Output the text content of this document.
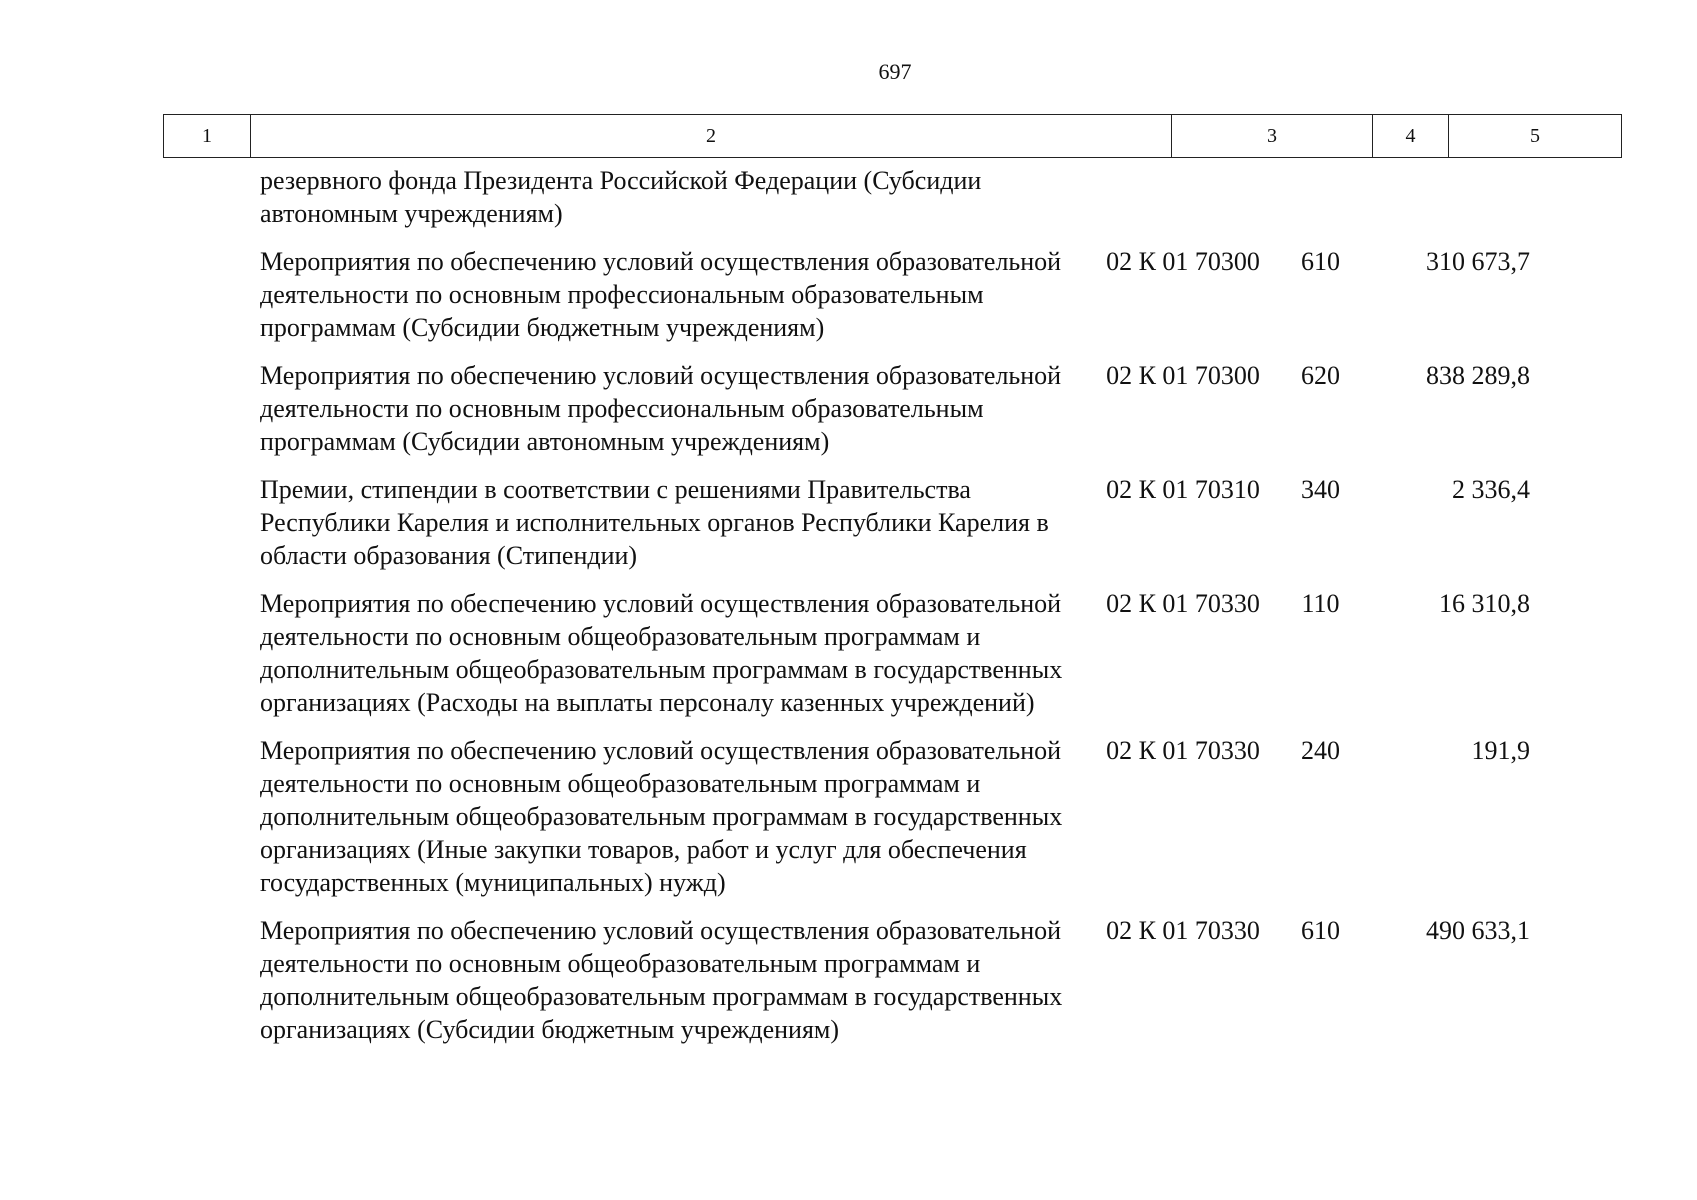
697
1	2	3	4	5
резервного фонда Президента Российской Федерации (Субсидии автономным учреждениям)
Мероприятия по обеспечению условий осуществления образовательной деятельности по основным профессиональным образовательным программам (Субсидии бюджетным учреждениям)
02 К 01 70300	610	310 673,7
Мероприятия по обеспечению условий осуществления образовательной деятельности по основным профессиональным образовательным программам (Субсидии автономным учреждениям)
02 К 01 70300	620	838 289,8
Премии, стипендии в соответствии с решениями Правительства Республики Карелия и исполнительных органов Республики Карелия в области образования (Стипендии)
02 К 01 70310	340	2 336,4
Мероприятия по обеспечению условий осуществления образовательной деятельности по основным общеобразовательным программам и дополнительным общеобразовательным программам в государственных организациях (Расходы на выплаты персоналу казенных учреждений)
02 К 01 70330	110	16 310,8
Мероприятия по обеспечению условий осуществления образовательной деятельности по основным общеобразовательным программам и дополнительным общеобразовательным программам в государственных организациях (Иные закупки товаров, работ и услуг для обеспечения государственных (муниципальных) нужд)
02 К 01 70330	240	191,9
Мероприятия по обеспечению условий осуществления образовательной деятельности по основным общеобразовательным программам и дополнительным общеобразовательным программам в государственных организациях (Субсидии бюджетным учреждениям)
02 К 01 70330	610	490 633,1
